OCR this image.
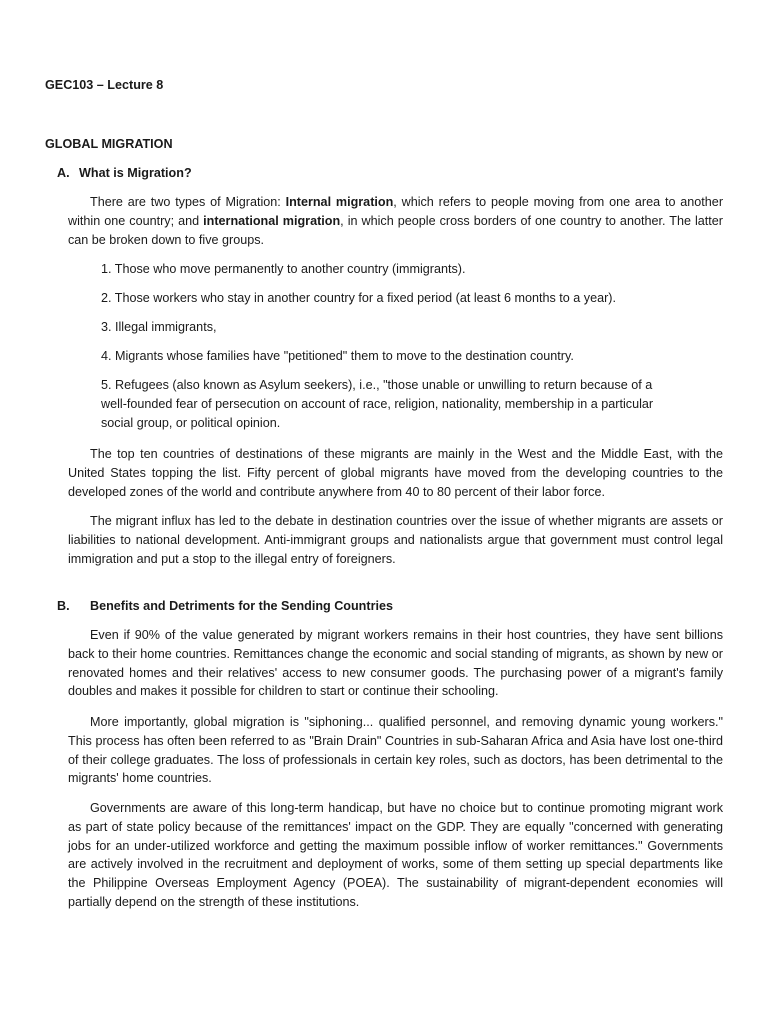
GEC103 – Lecture 8
GLOBAL MIGRATION
A. What is Migration?

There are two types of Migration: Internal migration, which refers to people moving from one area to another within one country; and international migration, in which people cross borders of one country to another. The latter can be broken down to five groups.

1. Those who move permanently to another country (immigrants).

2. Those workers who stay in another country for a fixed period (at least 6 months to a year).

3. Illegal immigrants,

4. Migrants whose families have "petitioned" them to move to the destination country.

5. Refugees (also known as Asylum seekers), i.e., "those unable or unwilling to return because of a well-founded fear of persecution on account of race, religion, nationality, membership in a particular social group, or political opinion.

The top ten countries of destinations of these migrants are mainly in the West and the Middle East, with the United States topping the list. Fifty percent of global migrants have moved from the developing countries to the developed zones of the world and contribute anywhere from 40 to 80 percent of their labor force.

The migrant influx has led to the debate in destination countries over the issue of whether migrants are assets or liabilities to national development. Anti-immigrant groups and nationalists argue that government must control legal immigration and put a stop to the illegal entry of foreigners.

B. Benefits and Detriments for the Sending Countries

Even if 90% of the value generated by migrant workers remains in their host countries, they have sent billions back to their home countries. Remittances change the economic and social standing of migrants, as shown by new or renovated homes and their relatives' access to new consumer goods. The purchasing power of a migrant's family doubles and makes it possible for children to start or continue their schooling.

More importantly, global migration is "siphoning... qualified personnel, and removing dynamic young workers." This process has often been referred to as "Brain Drain" Countries in sub-Saharan Africa and Asia have lost one-third of their college graduates. The loss of professionals in certain key roles, such as doctors, has been detrimental to the migrants' home countries.

Governments are aware of this long-term handicap, but have no choice but to continue promoting migrant work as part of state policy because of the remittances' impact on the GDP. They are equally "concerned with generating jobs for an under-utilized workforce and getting the maximum possible inflow of worker remittances." Governments are actively involved in the recruitment and deployment of works, some of them setting up special departments like the Philippine Overseas Employment Agency (POEA). The sustainability of migrant-dependent economies will partially depend on the strength of these institutions.
